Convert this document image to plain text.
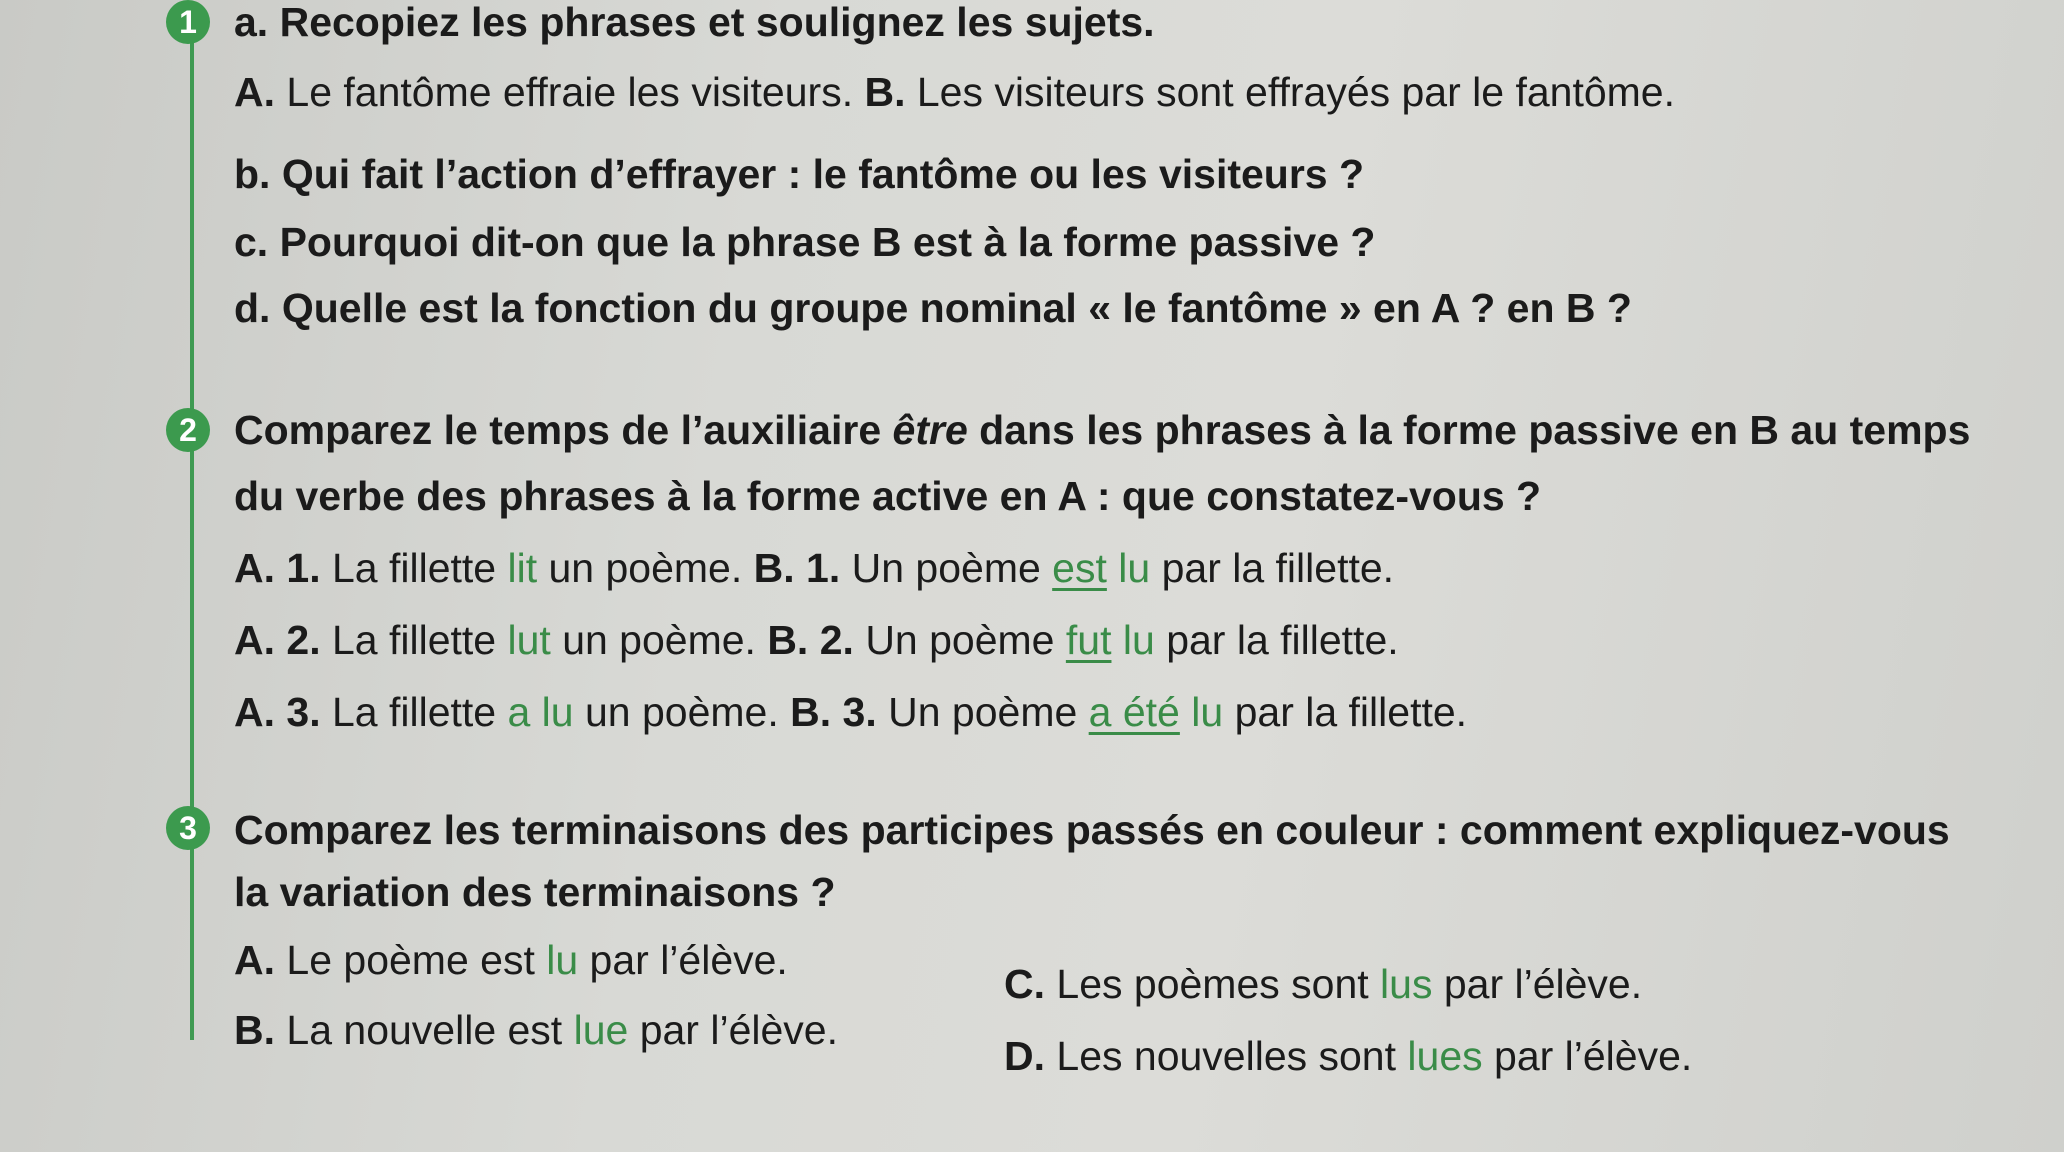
1 a. Recopiez les phrases et soulignez les sujets.
A. Le fantôme effraie les visiteurs. B. Les visiteurs sont effrayés par le fantôme.
b. Qui fait l’action d’effrayer : le fantôme ou les visiteurs ?
c. Pourquoi dit-on que la phrase B est à la forme passive ?
d. Quelle est la fonction du groupe nominal « le fantôme » en A ? en B ?
2 Comparez le temps de l’auxiliaire être dans les phrases à la forme passive en B au temps
du verbe des phrases à la forme active en A : que constatez-vous ?
A. 1. La fillette lit un poème. B. 1. Un poème est lu par la fillette.
A. 2. La fillette lut un poème. B. 2. Un poème fut lu par la fillette.
A. 3. La fillette a lu un poème. B. 3. Un poème a été lu par la fillette.
3 Comparez les terminaisons des participes passés en couleur : comment expliquez-vous
la variation des terminaisons ?
A. Le poème est lu par l’élève.
B. La nouvelle est lue par l’élève.
C. Les poèmes sont lus par l’élève.
D. Les nouvelles sont lues par l’élève.
